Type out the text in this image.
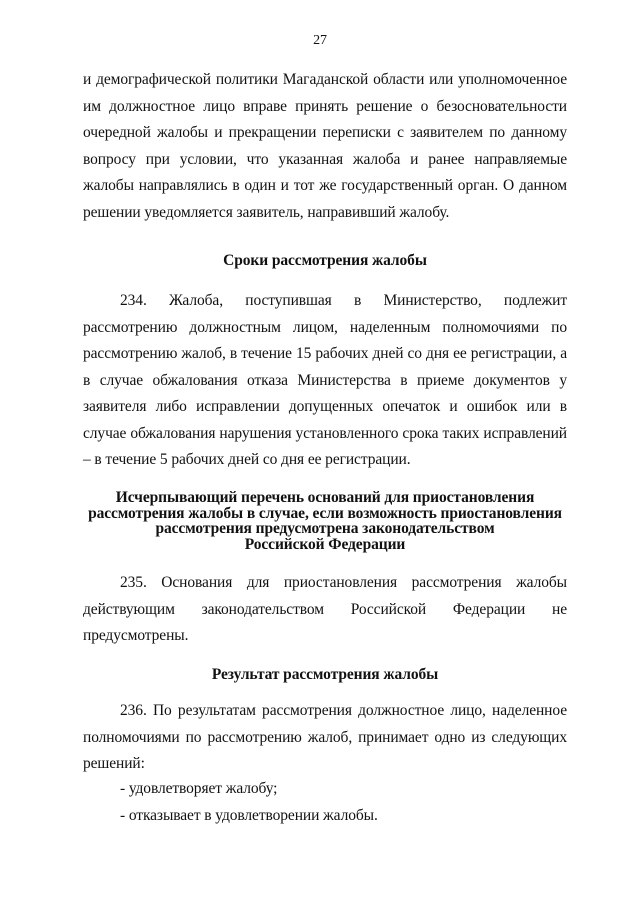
27

и демографической политики Магаданской области или уполномоченное им должностное лицо вправе принять решение о безосновательности очередной жалобы и прекращении переписки с заявителем по данному вопросу при условии, что указанная жалоба и ранее направляемые жалобы направлялись в один и тот же государственный орган. О данном решении уведомляется заявитель, направивший жалобу.

Сроки рассмотрения жалобы

234. Жалоба, поступившая в Министерство, подлежит рассмотрению должностным лицом, наделенным полномочиями по рассмотрению жалоб, в течение 15 рабочих дней со дня ее регистрации, а в случае обжалования отказа Министерства в приеме документов у заявителя либо исправлении допущенных опечаток и ошибок или в случае обжалования нарушения установленного срока таких исправлений – в течение 5 рабочих дней со дня ее регистрации.

Исчерпывающий перечень оснований для приостановления
рассмотрения жалобы в случае, если возможность приостановления
рассмотрения предусмотрена законодательством
Российской Федерации

235. Основания для приостановления рассмотрения жалобы действующим законодательством Российской Федерации не предусмотрены.

Результат рассмотрения жалобы

236. По результатам рассмотрения должностное лицо, наделенное полномочиями по рассмотрению жалоб, принимает одно из следующих решений:

- удовлетворяет жалобу;
- отказывает в удовлетворении жалобы.
